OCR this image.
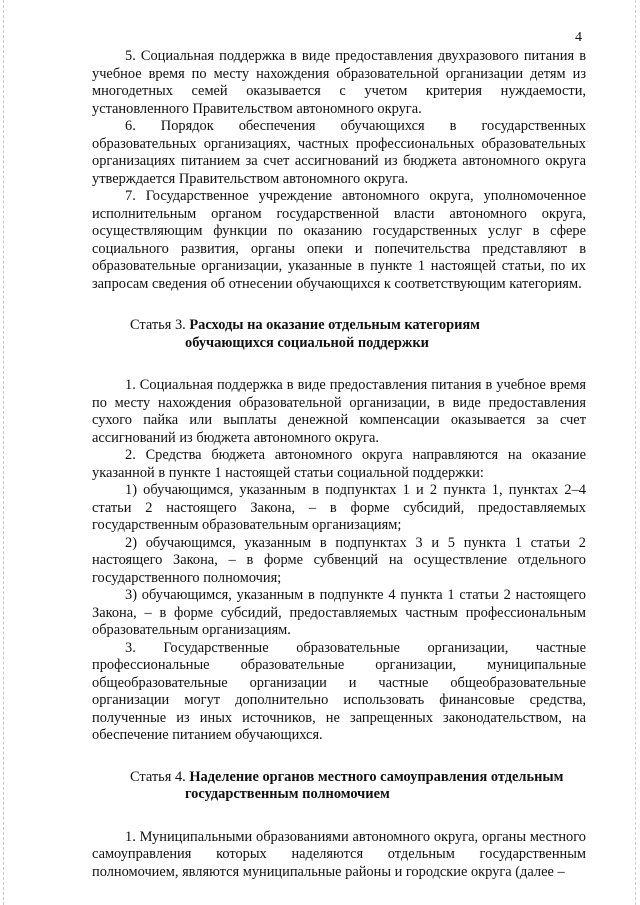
4

5. Социальная поддержка в виде предоставления двухразового питания в учебное время по месту нахождения образовательной организации детям из многодетных семей оказывается с учетом критерия нуждаемости, установленного Правительством автономного округа.

6. Порядок обеспечения обучающихся в государственных образовательных организациях, частных профессиональных образовательных организациях питанием за счет ассигнований из бюджета автономного округа утверждается Правительством автономного округа.

7. Государственное учреждение автономного округа, уполномоченное исполнительным органом государственной власти автономного округа, осуществляющим функции по оказанию государственных услуг в сфере социального развития, органы опеки и попечительства представляют в образовательные организации, указанные в пункте 1 настоящей статьи, по их запросам сведения об отнесении обучающихся к соответствующим категориям.

Статья 3. Расходы на оказание отдельным категориям
обучающихся социальной поддержки

1. Социальная поддержка в виде предоставления питания в учебное время по месту нахождения образовательной организации, в виде предоставления сухого пайка или выплаты денежной компенсации оказывается за счет ассигнований из бюджета автономного округа.

2. Средства бюджета автономного округа направляются на оказание указанной в пункте 1 настоящей статьи социальной поддержки:

1) обучающимся, указанным в подпунктах 1 и 2 пункта 1, пунктах 2–4 статьи 2 настоящего Закона, – в форме субсидий, предоставляемых государственным образовательным организациям;

2) обучающимся, указанным в подпунктах 3 и 5 пункта 1 статьи 2 настоящего Закона, – в форме субвенций на осуществление отдельного государственного полномочия;

3) обучающимся, указанным в подпункте 4 пункта 1 статьи 2 настоящего Закона, – в форме субсидий, предоставляемых частным профессиональным образовательным организациям.

3. Государственные образовательные организации, частные профессиональные образовательные организации, муниципальные общеобразовательные организации и частные общеобразовательные организации могут дополнительно использовать финансовые средства, полученные из иных источников, не запрещенных законодательством, на обеспечение питанием обучающихся.

Статья 4. Наделение органов местного самоуправления отдельным
государственным полномочием

1. Муниципальными образованиями автономного округа, органы местного самоуправления которых наделяются отдельным государственным полномочием, являются муниципальные районы и городские округа (далее –
